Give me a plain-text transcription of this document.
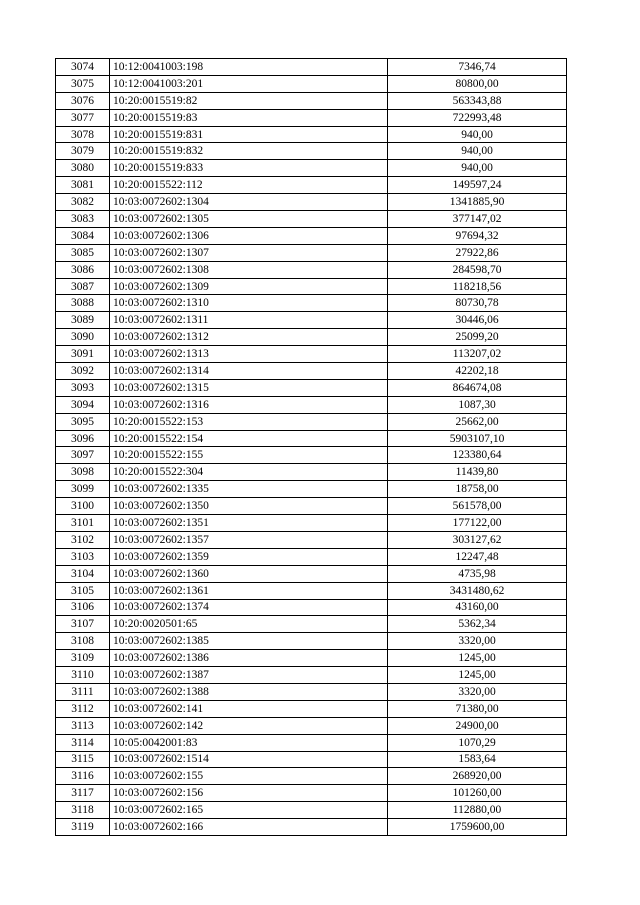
3074	10:12:0041003:198	7346,74
3075	10:12:0041003:201	80800,00
3076	10:20:0015519:82	563343,88
3077	10:20:0015519:83	722993,48
3078	10:20:0015519:831	940,00
3079	10:20:0015519:832	940,00
3080	10:20:0015519:833	940,00
3081	10:20:0015522:112	149597,24
3082	10:03:0072602:1304	1341885,90
3083	10:03:0072602:1305	377147,02
3084	10:03:0072602:1306	97694,32
3085	10:03:0072602:1307	27922,86
3086	10:03:0072602:1308	284598,70
3087	10:03:0072602:1309	118218,56
3088	10:03:0072602:1310	80730,78
3089	10:03:0072602:1311	30446,06
3090	10:03:0072602:1312	25099,20
3091	10:03:0072602:1313	113207,02
3092	10:03:0072602:1314	42202,18
3093	10:03:0072602:1315	864674,08
3094	10:03:0072602:1316	1087,30
3095	10:20:0015522:153	25662,00
3096	10:20:0015522:154	5903107,10
3097	10:20:0015522:155	123380,64
3098	10:20:0015522:304	11439,80
3099	10:03:0072602:1335	18758,00
3100	10:03:0072602:1350	561578,00
3101	10:03:0072602:1351	177122,00
3102	10:03:0072602:1357	303127,62
3103	10:03:0072602:1359	12247,48
3104	10:03:0072602:1360	4735,98
3105	10:03:0072602:1361	3431480,62
3106	10:03:0072602:1374	43160,00
3107	10:20:0020501:65	5362,34
3108	10:03:0072602:1385	3320,00
3109	10:03:0072602:1386	1245,00
3110	10:03:0072602:1387	1245,00
3111	10:03:0072602:1388	3320,00
3112	10:03:0072602:141	71380,00
3113	10:03:0072602:142	24900,00
3114	10:05:0042001:83	1070,29
3115	10:03:0072602:1514	1583,64
3116	10:03:0072602:155	268920,00
3117	10:03:0072602:156	101260,00
3118	10:03:0072602:165	112880,00
3119	10:03:0072602:166	1759600,00
